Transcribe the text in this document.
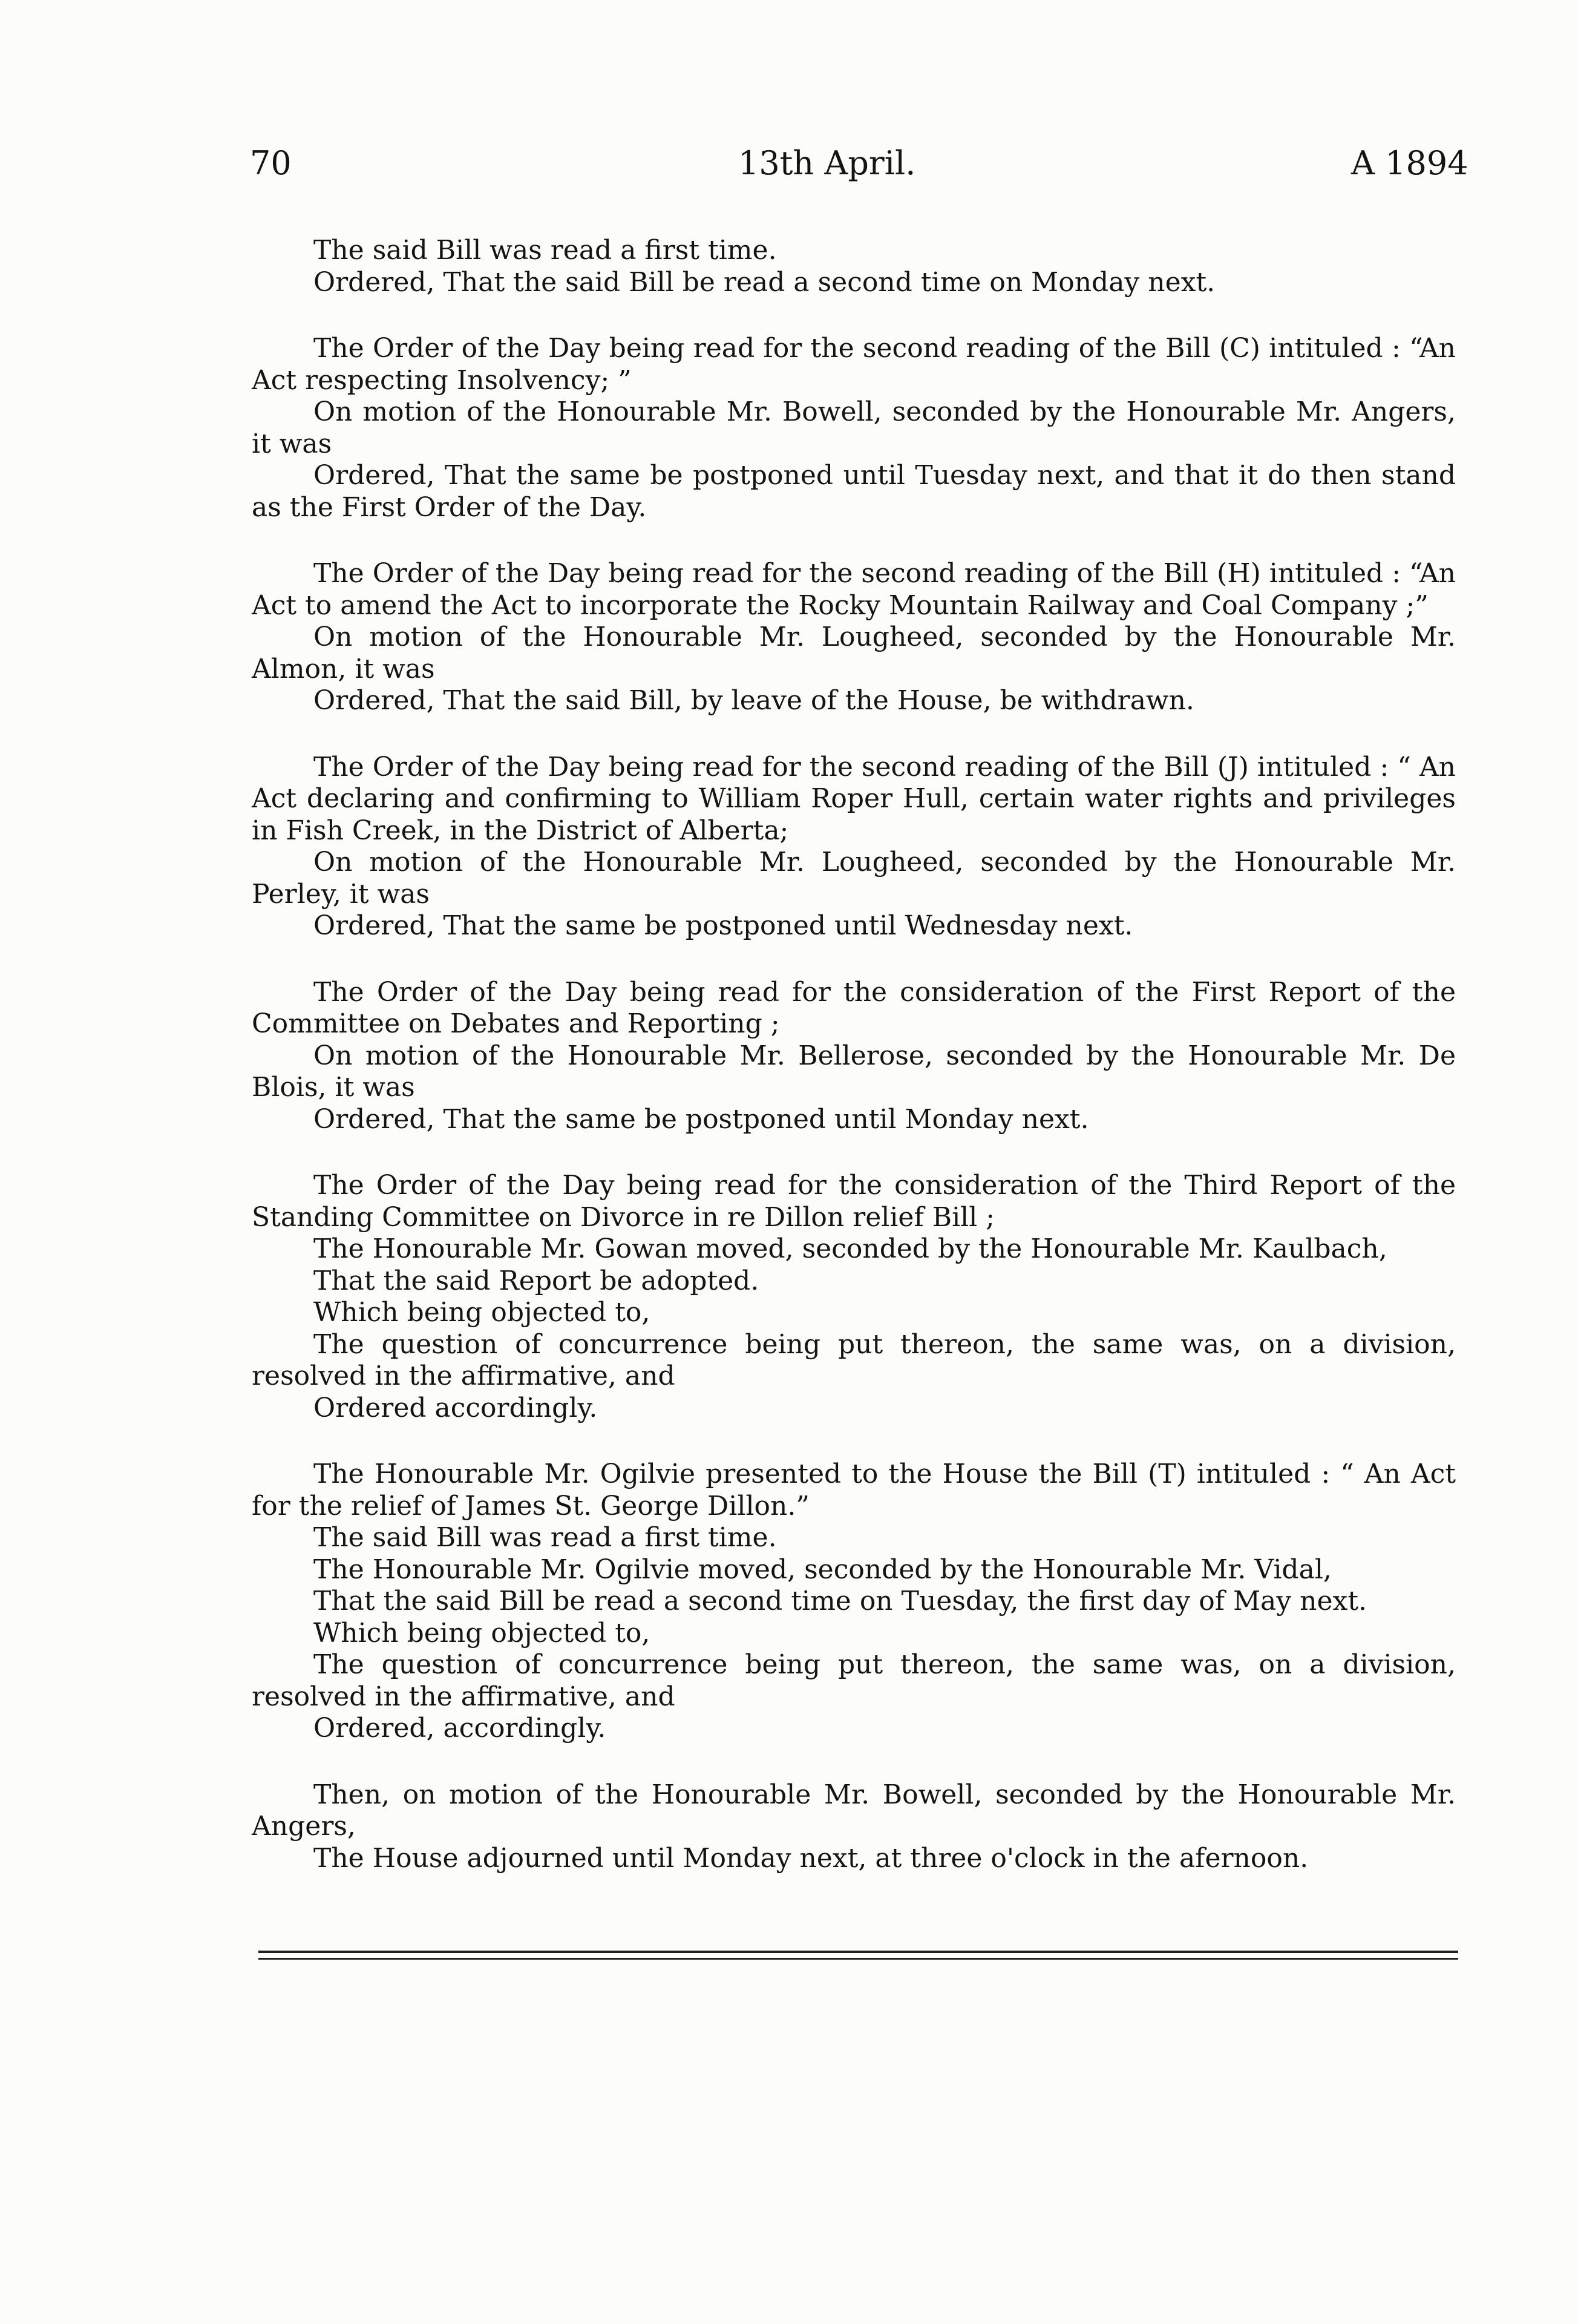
70	13th April.	A 1894

The said Bill was read a first time.

Ordered, That the said Bill be read a second time on Monday next.

The Order of the Day being read for the second reading of the Bill (C) intituled : “An Act respecting Insolvency; ”

On motion of the Honourable Mr. Bowell, seconded by the Honourable Mr. Angers, it was

Ordered, That the same be postponed until Tuesday next, and that it do then stand as the First Order of the Day.

The Order of the Day being read for the second reading of the Bill (H) intituled : “An Act to amend the Act to incorporate the Rocky Mountain Railway and Coal Company ;”

On motion of the Honourable Mr. Lougheed, seconded by the Honourable Mr. Almon, it was

Ordered, That the said Bill, by leave of the House, be withdrawn.

The Order of the Day being read for the second reading of the Bill (J) intituled : “ An Act declaring and confirming to William Roper Hull, certain water rights and privileges in Fish Creek, in the District of Alberta;

On motion of the Honourable Mr. Lougheed, seconded by the Honourable Mr. Perley, it was

Ordered, That the same be postponed until Wednesday next.

The Order of the Day being read for the consideration of the First Report of the Committee on Debates and Reporting ;

On motion of the Honourable Mr. Bellerose, seconded by the Honourable Mr. De Blois, it was

Ordered, That the same be postponed until Monday next.

The Order of the Day being read for the consideration of the Third Report of the Standing Committee on Divorce in re Dillon relief Bill ;

The Honourable Mr. Gowan moved, seconded by the Honourable Mr. Kaulbach,

That the said Report be adopted.

Which being objected to,

The question of concurrence being put thereon, the same was, on a division, resolved in the affirmative, and

Ordered accordingly.

The Honourable Mr. Ogilvie presented to the House the Bill (T) intituled : “ An Act for the relief of James St. George Dillon.”

The said Bill was read a first time.

The Honourable Mr. Ogilvie moved, seconded by the Honourable Mr. Vidal,

That the said Bill be read a second time on Tuesday, the first day of May next.

Which being objected to,

The question of concurrence being put thereon, the same was, on a division, resolved in the affirmative, and

Ordered, accordingly.

Then, on motion of the Honourable Mr. Bowell, seconded by the Honourable Mr. Angers,

The House adjourned until Monday next, at three o'clock in the afernoon.
